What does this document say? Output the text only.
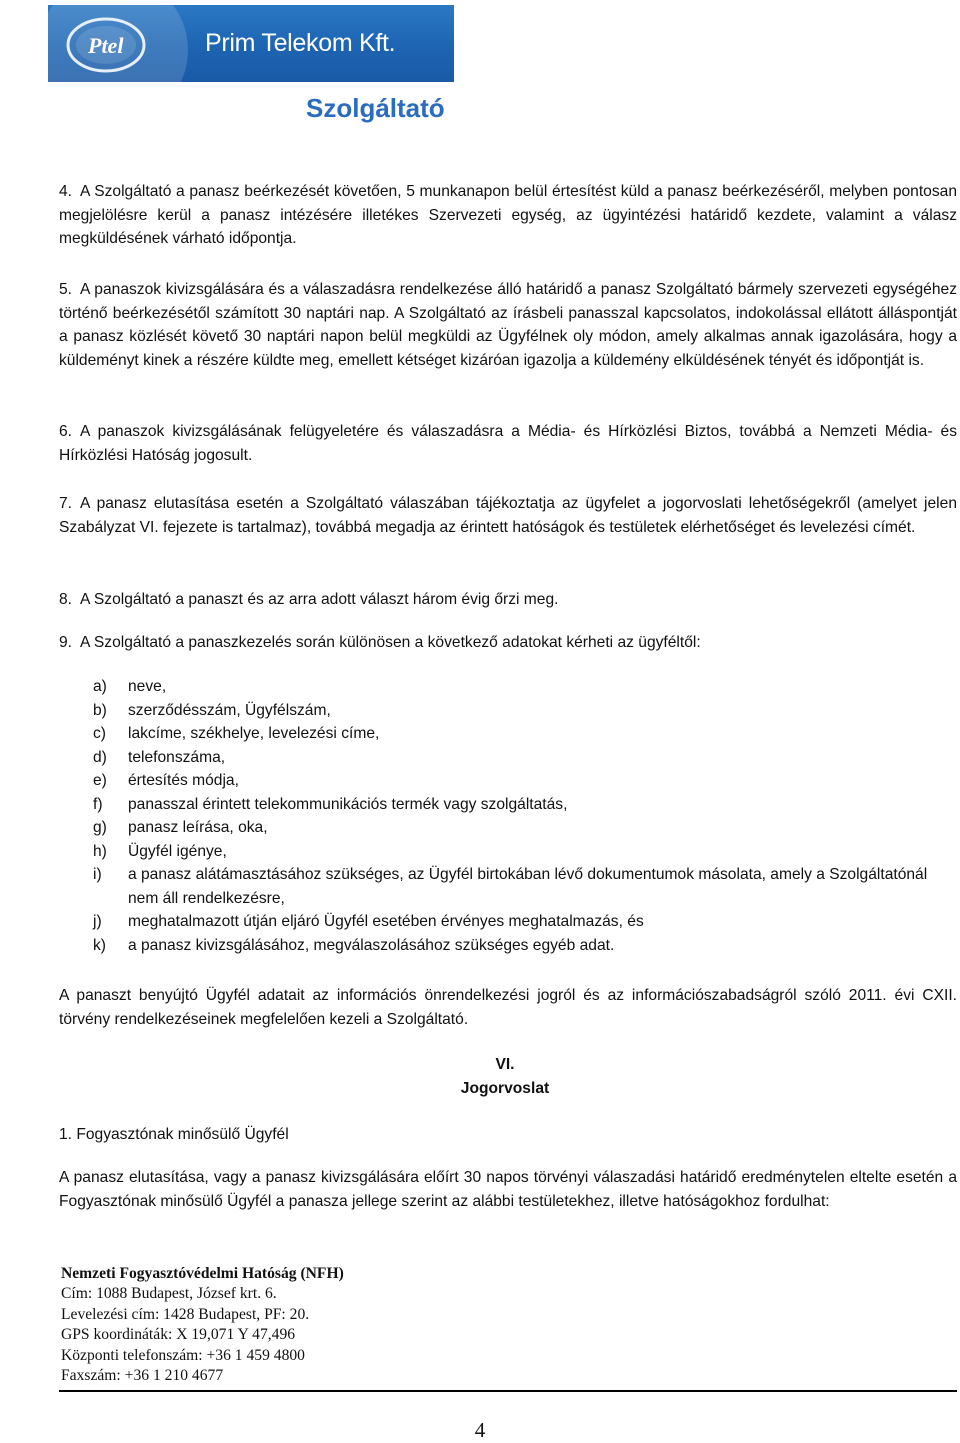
Ptel	Prim Telekom Kft.
Szolgáltató
4. A Szolgáltató a panasz beérkezését követően, 5 munkanapon belül értesítést küld a panasz beérkezéséről, melyben pontosan megjelölésre kerül a panasz intézésére illetékes Szervezeti egység, az ügyintézési határidő kezdete, valamint a válasz megküldésének várható időpontja.
5. A panaszok kivizsgálására és a válaszadásra rendelkezése álló határidő a panasz Szolgáltató bármely szervezeti egységéhez történő beérkezésétől számított 30 naptári nap. A Szolgáltató az írásbeli panasszal kapcsolatos, indokolással ellátott álláspontját a panasz közlését követő 30 naptári napon belül megküldi az Ügyfélnek oly módon, amely alkalmas annak igazolására, hogy a küldeményt kinek a részére küldte meg, emellett kétséget kizáróan igazolja a küldemény elküldésének tényét és időpontját is.
6. A panaszok kivizsgálásának felügyeletére és válaszadásra a Média- és Hírközlési Biztos, továbbá a Nemzeti Média- és Hírközlési Hatóság jogosult.
7. A panasz elutasítása esetén a Szolgáltató válaszában tájékoztatja az ügyfelet a jogorvoslati lehetőségekről (amelyet jelen Szabályzat VI. fejezete is tartalmaz), továbbá megadja az érintett hatóságok és testületek elérhetőséget és levelezési címét.
8. A Szolgáltató a panaszt és az arra adott választ három évig őrzi meg.
9. A Szolgáltató a panaszkezelés során különösen a következő adatokat kérheti az ügyféltől:
a) neve,
b) szerződésszám, Ügyfélszám,
c) lakcíme, székhelye, levelezési címe,
d) telefonszáma,
e) értesítés módja,
f) panasszal érintett telekommunikációs termék vagy szolgáltatás,
g) panasz leírása, oka,
h) Ügyfél igénye,
i) a panasz alátámasztásához szükséges, az Ügyfél birtokában lévő dokumentumok másolata, amely a Szolgáltatónál nem áll rendelkezésre,
j) meghatalmazott útján eljáró Ügyfél esetében érvényes meghatalmazás, és
k) a panasz kivizsgálásához, megválaszolásához szükséges egyéb adat.
A panaszt benyújtó Ügyfél adatait az információs önrendelkezési jogról és az információszabadságról szóló 2011. évi CXII. törvény rendelkezéseinek megfelelően kezeli a Szolgáltató.
VI.
Jogorvoslat
1. Fogyasztónak minősülő Ügyfél
A panasz elutasítása, vagy a panasz kivizsgálására előírt 30 napos törvényi válaszadási határidő eredménytelen eltelte esetén a Fogyasztónak minősülő Ügyfél a panasza jellege szerint az alábbi testületekhez, illetve hatóságokhoz fordulhat:
Nemzeti Fogyasztóvédelmi Hatóság (NFH)
Cím: 1088 Budapest, József krt. 6.
Levelezési cím: 1428 Budapest, PF: 20.
GPS koordináták: X 19,071 Y 47,496
Központi telefonszám: +36 1 459 4800
Faxszám: +36 1 210 4677
4
